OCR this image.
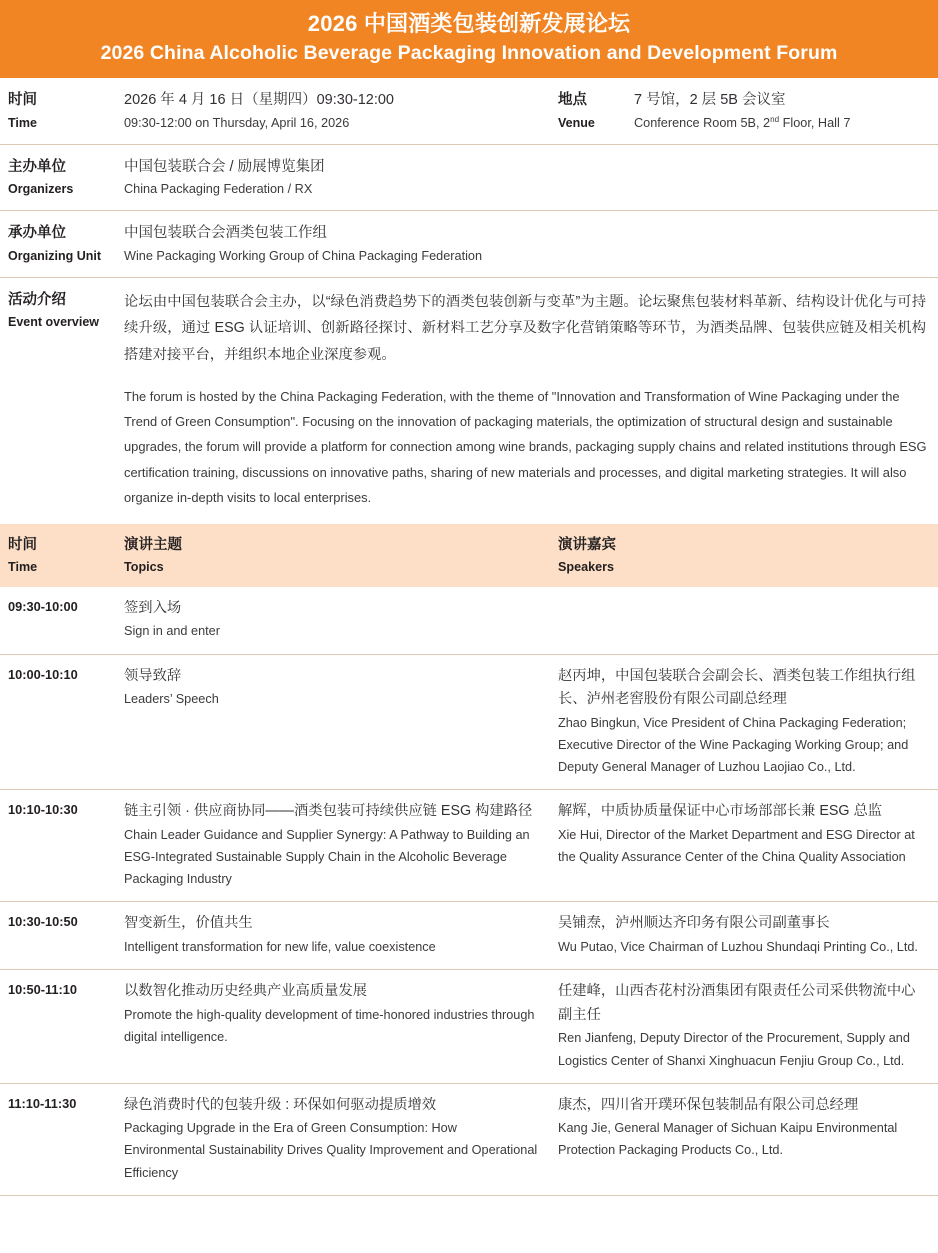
2026 中国酒类包装创新发展论坛
2026 China Alcoholic Beverage Packaging Innovation and Development Forum
时间
Time
2026 年 4 月 16 日（星期四）09:30-12:00
09:30-12:00 on Thursday, April 16, 2026
地点
Venue
7 号馆，2 层 5B 会议室
Conference Room 5B, 2nd Floor, Hall 7
主办单位
Organizers
中国包装联合会 / 励展博览集团
China Packaging Federation / RX
承办单位
Organizing Unit
中国包装联合会酒类包装工作组
Wine Packaging Working Group of China Packaging Federation
活动介绍
Event overview
论坛由中国包装联合会主办，以“绿色消费趋势下的酒类包装创新与变革”为主题。论坛聚焦包装材料革新、结构设计优化与可持续升级，通过 ESG 认证培训、创新路径探讨、新材料工艺分享及数字化营销策略等环节，为酒类品牌、包装供应链及相关机构搭建对接平台，并组织本地企业深度参观。
The forum is hosted by the China Packaging Federation, with the theme of "Innovation and Transformation of Wine Packaging under the Trend of Green Consumption". Focusing on the innovation of packaging materials, the optimization of structural design and sustainable upgrades, the forum will provide a platform for connection among wine brands, packaging supply chains and related institutions through ESG certification training, discussions on innovative paths, sharing of new materials and processes, and digital marketing strategies. It will also organize in-depth visits to local enterprises.
时间
Time
演讲主题
Topics
演讲嘉宾
Speakers
09:30-10:00	签到入场
Sign in and enter
10:00-10:10	领导致辞
Leaders’ Speech
赵丙坤，中国包装联合会副会长、酒类包装工作组执行组长、泸州老窖股份有限公司副总经理
Zhao Bingkun, Vice President of China Packaging Federation; Executive Director of the Wine Packaging Working Group; and Deputy General Manager of Luzhou Laojiao Co., Ltd.
10:10-10:30	链主引领 · 供应商协同——酒类包装可持续供应链 ESG 构建路径
Chain Leader Guidance and Supplier Synergy: A Pathway to Building an ESG-Integrated Sustainable Supply Chain in the Alcoholic Beverage Packaging Industry
解辉，中质协质量保证中心市场部部长兼 ESG 总监
Xie Hui, Director of the Market Department and ESG Director at the Quality Assurance Center of the China Quality Association
10:30-10:50	智变新生，价值共生
Intelligent transformation for new life, value coexistence
吴铺焘，泸州顺达齐印务有限公司副董事长
Wu Putao, Vice Chairman of Luzhou Shundaqi Printing Co., Ltd.
10:50-11:10	以数智化推动历史经典产业高质量发展
Promote the high-quality development of time-honored industries through digital intelligence.
任建峰，山西杏花村汾酒集团有限责任公司采供物流中心副主任
Ren Jianfeng, Deputy Director of the Procurement, Supply and Logistics Center of Shanxi Xinghuacun Fenjiu Group Co., Ltd.
11:10-11:30	绿色消费时代的包装升级 : 环保如何驱动提质增效
Packaging Upgrade in the Era of Green Consumption: How Environmental Sustainability Drives Quality Improvement and Operational Efficiency
康杰，四川省开璞环保包装制品有限公司总经理
Kang Jie, General Manager of Sichuan Kaipu Environmental Protection Packaging Products Co., Ltd.
